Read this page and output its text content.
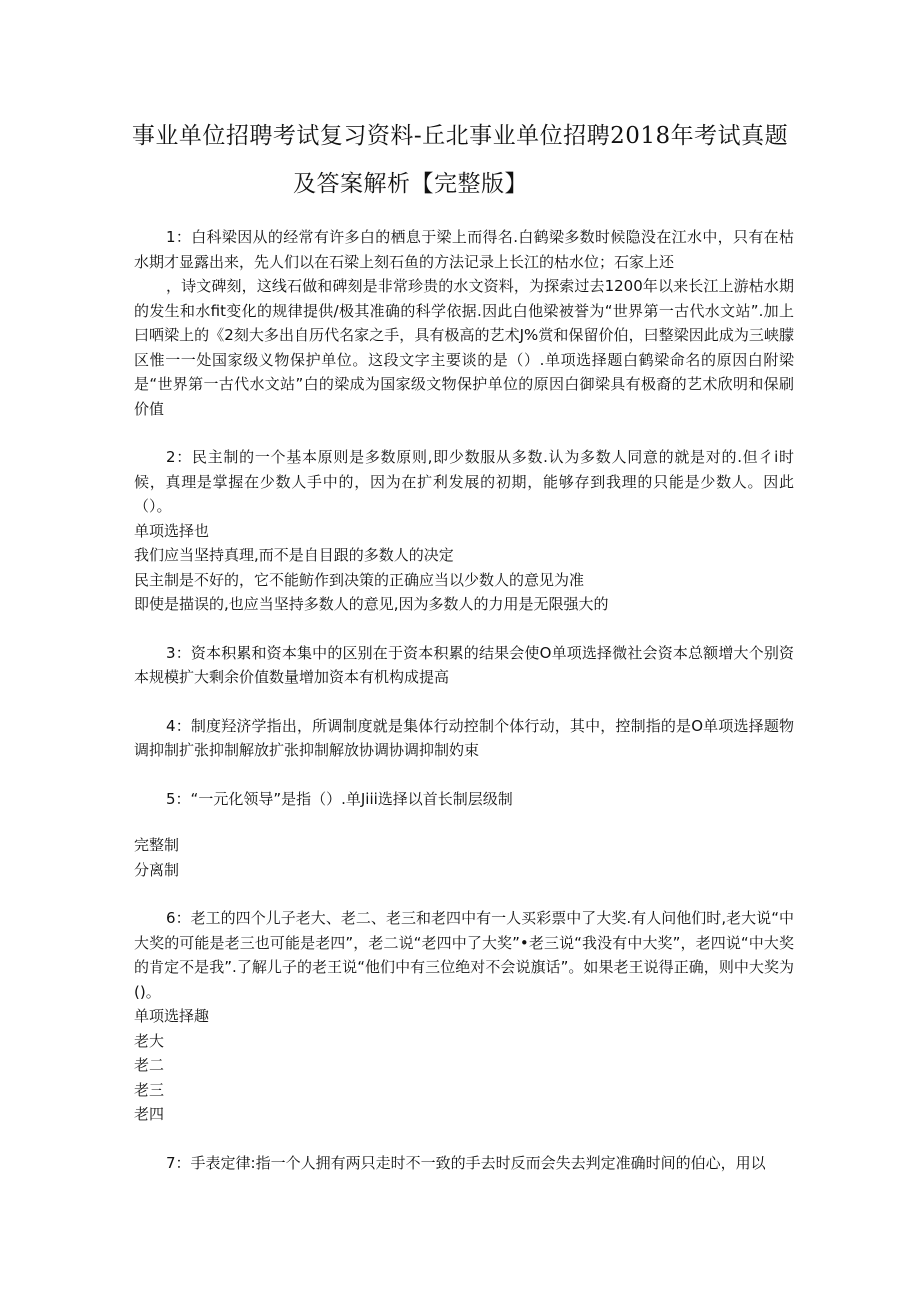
事业单位招聘考试复习资料-丘北事业单位招聘2018年考试真题
及答案解析【完整版】

1：白科梁因从的经常有许多白的栖息于梁上而得名.白鹤梁多数时候隐没在江水中，只有在枯水期才显露出来，先人们以在石梁上刻石鱼的方法记录上长江的枯水位；石家上还

，诗文碑刻，这线石做和碑刻是非常珍贵的水文资料，为探索过去1200年以来长江上游枯水期的发生和水fit变化的规律提供/极其准确的科学依据.因此白他梁被誉为“世界第一古代水文站”.加上曰哂梁上的《2刻大多出自历代名家之手，具有极高的艺术J%赏和保留价伯，曰整梁因此成为三峡朦区惟一一处国家级义物保护单位。这段文字主要谈的是（）.单项选择题白鹤梁命名的原因白附梁是“世界第一古代水文站”白的梁成为国家级文物保护单位的原因白御梁具有极裔的艺术欣明和保刷价值

2：民主制的一个基本原则是多数原则,即少数服从多数.认为多数人同意的就是对的.但彳i时候，真理是掌握在少数人手中的，因为在扩利发展的初期，能够存到我理的只能是少数人。因此（）。

单项选择也
我们应当坚持真理,而不是自目跟的多数人的决定
民主制是不好的，它不能鲂作到决策的正确应当以少数人的意见为准
即使是描误的,也应当坚持多数人的意见,因为多数人的力用是无限强大的

3：资本积累和资本集中的区别在于资本积累的结果会使O单项选择微社会资本总额增大个别资本规模扩大剩余价值数量增加资本有机构成提高

4：制度羟济学指出，所调制度就是集体行动控制个体行动，其中，控制指的是O单项选择题物调抑制扩张抑制解放扩张抑制解放协调协调抑制妁束

5：“一元化领导”是指（）.单Jiii选择以首长制层级制

完整制
分离制

6：老工的四个儿子老大、老二、老三和老四中有一人买彩票中了大奖.有人问他们时,老大说“中大奖的可能是老三也可能是老四”，老二说“老四中了大奖”•老三说“我没有中大奖”，老四说“中大奖的肯定不是我”.了解儿子的老王说“他们中有三位绝对不会说旗话”。如果老王说得正确，则中大奖为()。

单项选择趣
老大
老二
老三
老四

7：手表定律:指一个人拥有两只走时不一致的手去时反而会失去判定准确时间的伯心，用以
